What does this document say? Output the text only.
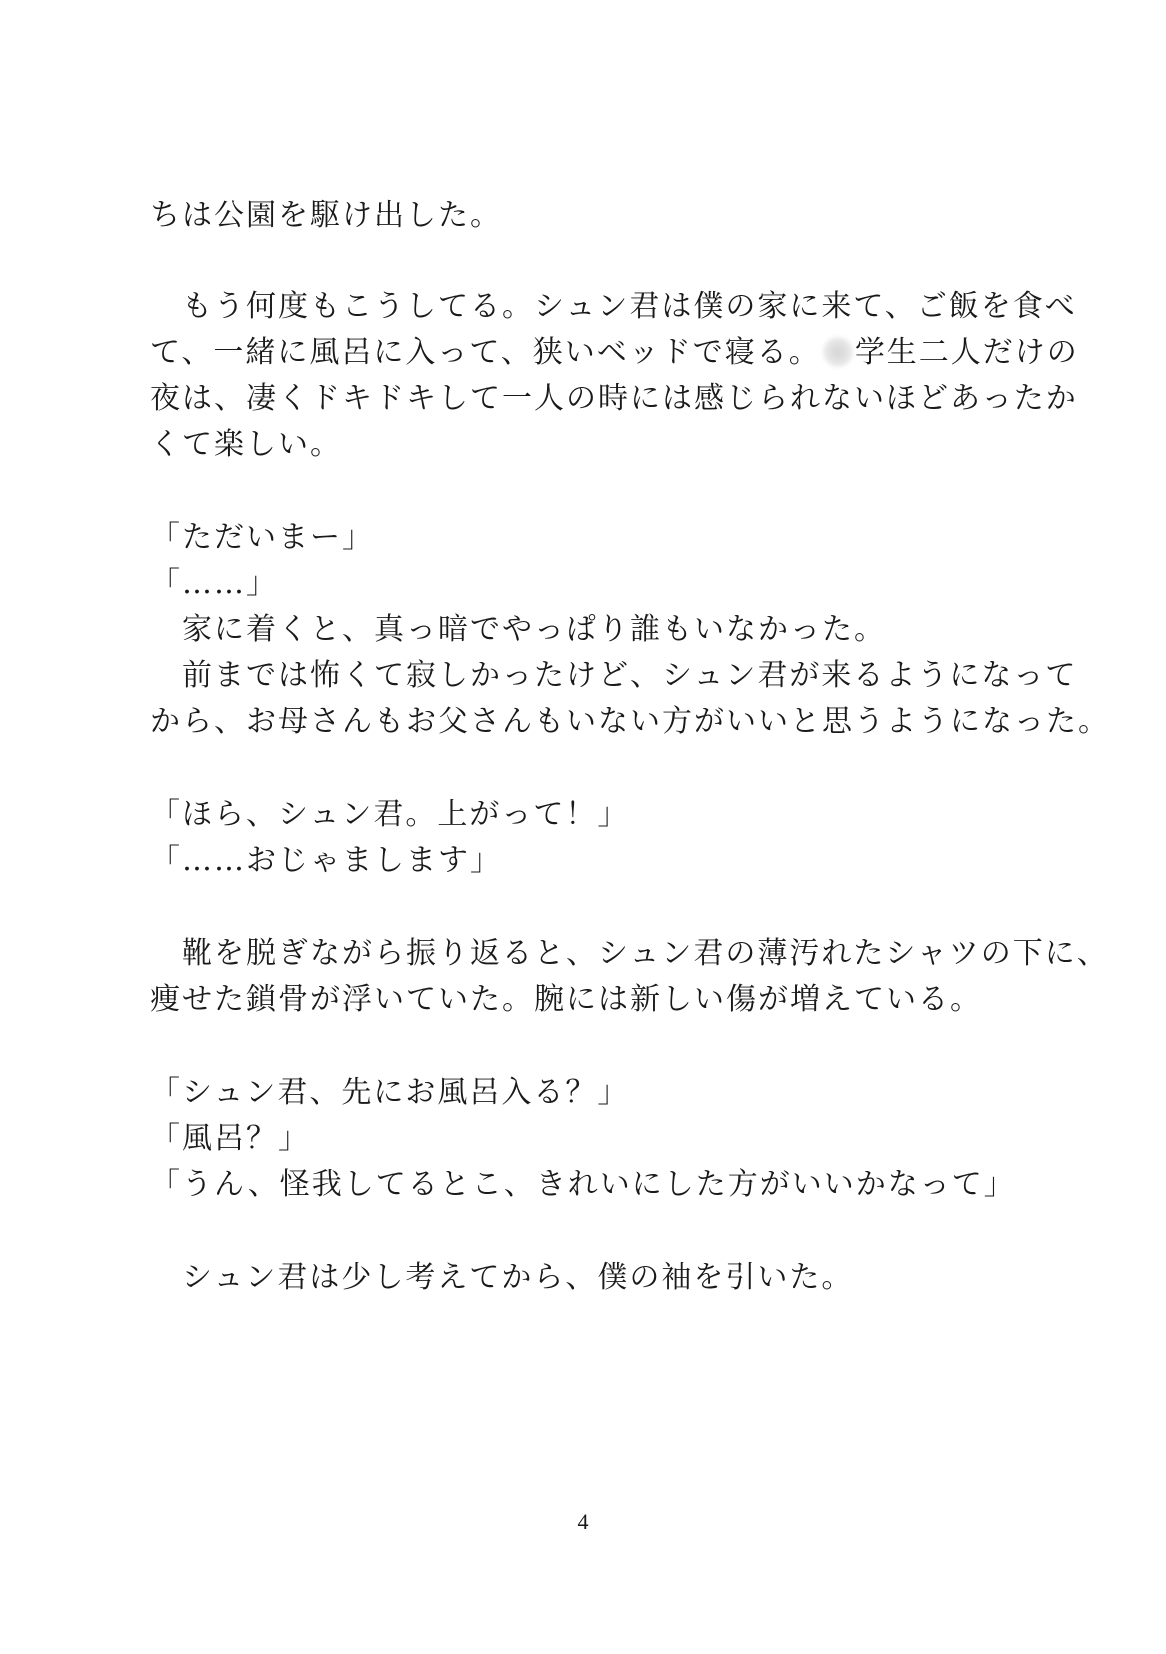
ちは公園を駆け出した。
　もう何度もこうしてる。シュン君は僕の家に来て、ご飯を食べ
て、一緒に風呂に入って、狭いベッドで寝る。 学生二人だけの
夜は、凄くドキドキして一人の時には感じられないほどあったか
くて楽しい。
「ただいまー」
「……」
　家に着くと、真っ暗でやっぱり誰もいなかった。
　前までは怖くて寂しかったけど、シュン君が来るようになって
から、お母さんもお父さんもいない方がいいと思うようになった。
「ほら、シュン君。上がって！」
「……おじゃまします」
　靴を脱ぎながら振り返ると、シュン君の薄汚れたシャツの下に、
痩せた鎖骨が浮いていた。腕には新しい傷が増えている。
「シュン君、先にお風呂入る？」
「風呂？」
「うん、怪我してるとこ、きれいにした方がいいかなって」
　シュン君は少し考えてから、僕の袖を引いた。
4
